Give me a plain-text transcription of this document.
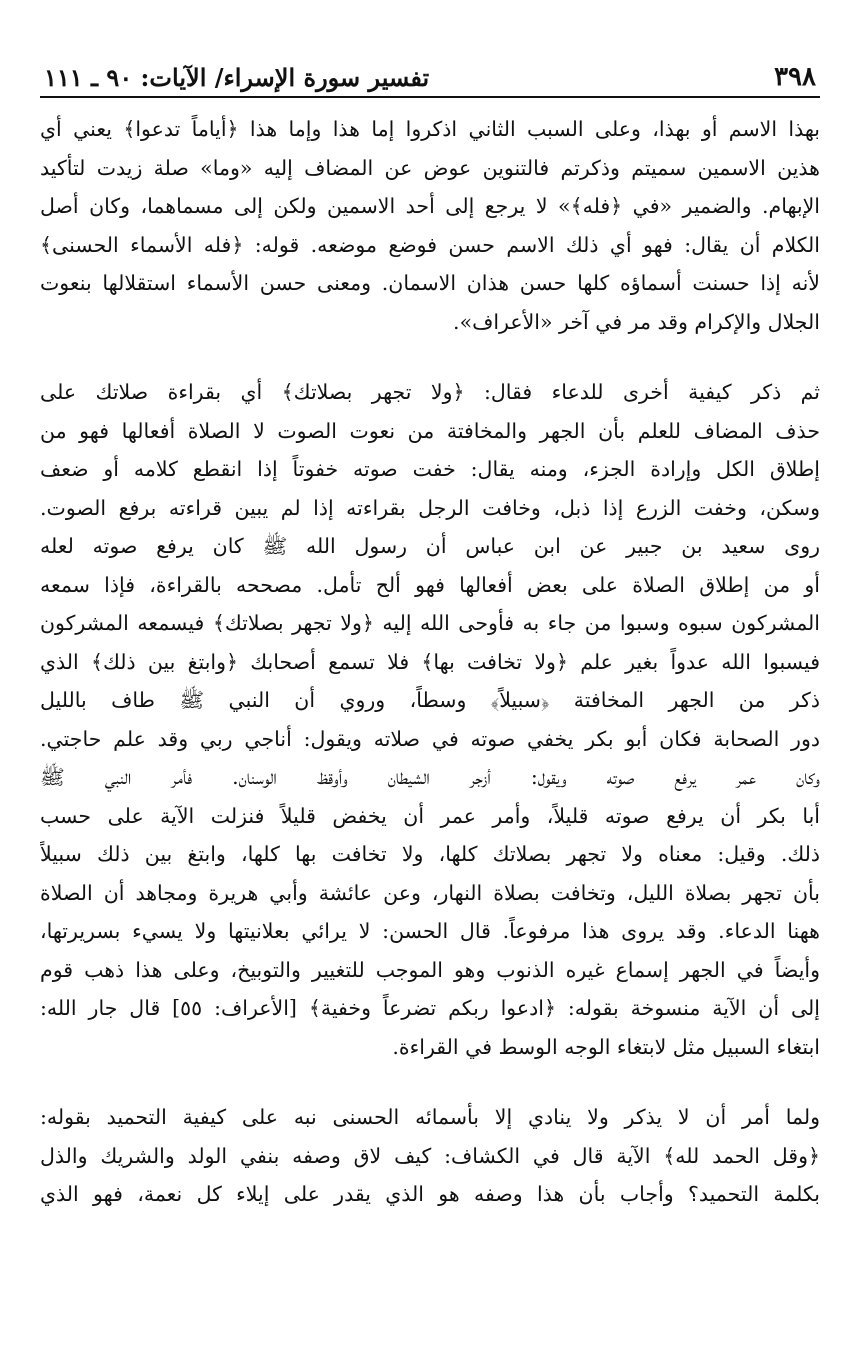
٣٩٨
تفسير سورة الإسراء/ الآيات: ٩٠ ـ ١١١

بهذا الاسم أو بهذا، وعلى السبب الثاني اذكروا إما هذا وإما هذا ﴿أياماً تدعوا﴾ يعني أي
هذين الاسمين سميتم وذكرتم فالتنوين عوض عن المضاف إليه «وما» صلة زيدت لتأكيد
الإبهام. والضمير «في ﴿فله﴾» لا يرجع إلى أحد الاسمين ولكن إلى مسماهما، وكان أصل
الكلام أن يقال: فهو أي ذلك الاسم حسن فوضع موضعه. قوله: ﴿فله الأسماء الحسنى﴾
لأنه إذا حسنت أسماؤه كلها حسن هذان الاسمان. ومعنى حسن الأسماء استقلالها بنعوت
الجلال والإكرام وقد مر في آخر «الأعراف».

ثم ذكر كيفية أخرى للدعاء فقال: ﴿ولا تجهر بصلاتك﴾ أي بقراءة صلاتك على
حذف المضاف للعلم بأن الجهر والمخافتة من نعوت الصوت لا الصلاة أفعالها فهو من
إطلاق الكل وإرادة الجزء، ومنه يقال: خفت صوته خفوتاً إذا انقطع كلامه أو ضعف
وسكن، وخفت الزرع إذا ذبل، وخافت الرجل بقراءته إذا لم يبين قراءته برفع الصوت.
روى سعيد بن جبير عن ابن عباس أن رسول الله ﷺ كان يرفع صوته لعله
أو من إطلاق الصلاة على بعض أفعالها فهو ألح تأمل. مصححه بالقراءة، فإذا سمعه
المشركون سبوه وسبوا من جاء به فأوحى الله إليه ﴿ولا تجهر بصلاتك﴾ فيسمعه المشركون
فيسبوا الله عدواً بغير علم ﴿ولا تخافت بها﴾ فلا تسمع أصحابك ﴿وابتغ بين ذلك﴾ الذي
ذكر من الجهر المخافتة ﴿سبيلاً﴾ وسطاً، وروي أن النبي ﷺ طاف بالليل
دور الصحابة فكان أبو بكر يخفي صوته في صلاته ويقول: أناجي ربي وقد علم حاجتي.
وكان عمر يرفع صوته ويقول: أزجر الشيطان وأوقظ الوسنان. فأمر النبي ﷺ
أبا بكر أن يرفع صوته قليلاً، وأمر عمر أن يخفض قليلاً فنزلت الآية على حسب
ذلك. وقيل: معناه ولا تجهر بصلاتك كلها، ولا تخافت بها كلها، وابتغ بين ذلك سبيلاً
بأن تجهر بصلاة الليل، وتخافت بصلاة النهار، وعن عائشة وأبي هريرة ومجاهد أن الصلاة
ههنا الدعاء. وقد يروى هذا مرفوعاً. قال الحسن: لا يرائي بعلانيتها ولا يسيء بسريرتها،
وأيضاً في الجهر إسماع غيره الذنوب وهو الموجب للتغيير والتوبيخ، وعلى هذا ذهب قوم
إلى أن الآية منسوخة بقوله: ﴿ادعوا ربكم تضرعاً وخفية﴾ [الأعراف: ٥٥] قال جار الله:
ابتغاء السبيل مثل لابتغاء الوجه الوسط في القراءة.

ولما أمر أن لا يذكر ولا ينادي إلا بأسمائه الحسنى نبه على كيفية التحميد بقوله:
﴿وقل الحمد لله﴾ الآية قال في الكشاف: كيف لاق وصفه بنفي الولد والشريك والذل
بكلمة التحميد؟ وأجاب بأن هذا وصفه هو الذي يقدر على إيلاء كل نعمة، فهو الذي
